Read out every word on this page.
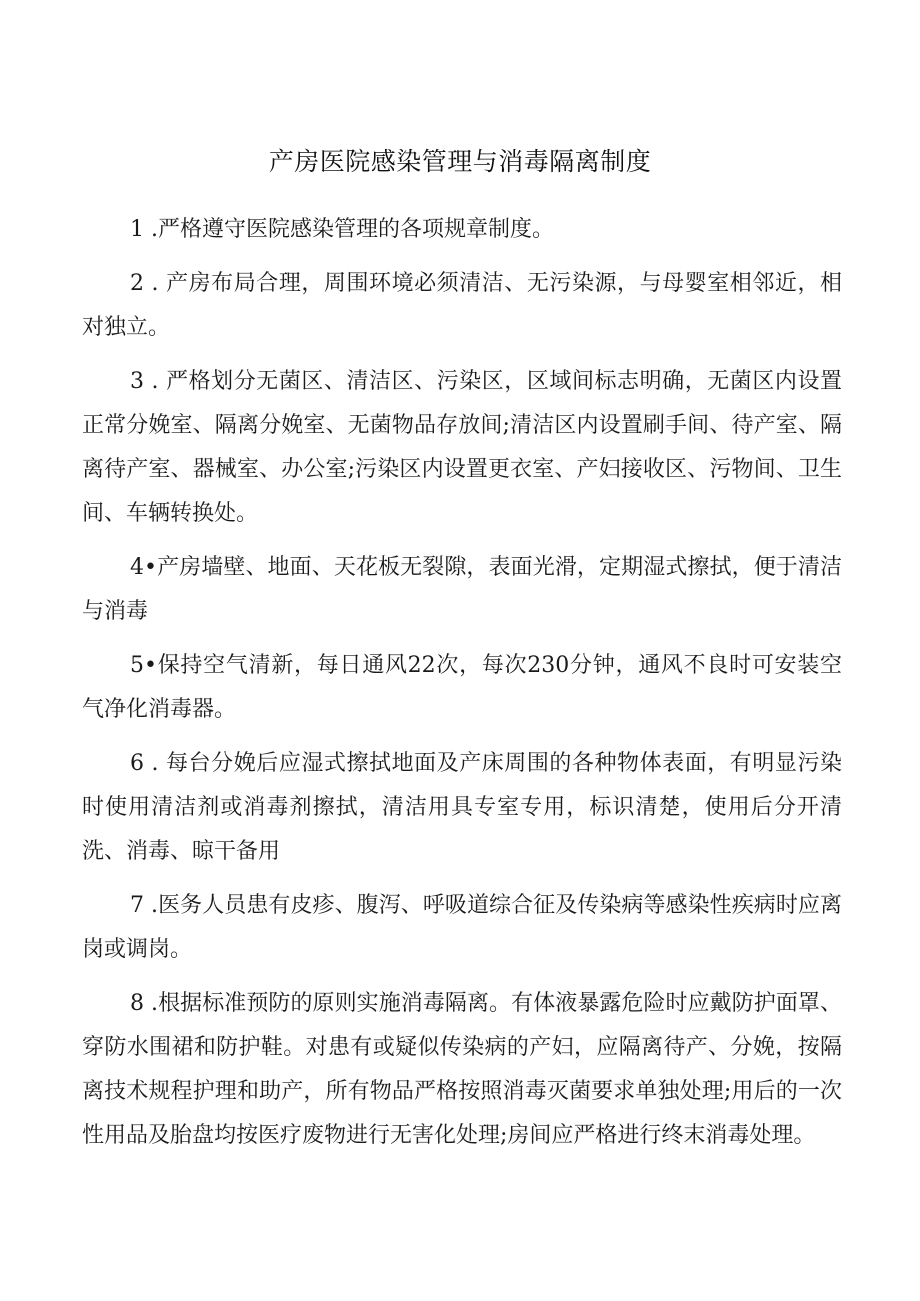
产房医院感染管理与消毒隔离制度

1 .严格遵守医院感染管理的各项规章制度。

2 . 产房布局合理，周围环境必须清洁、无污染源，与母婴室相邻近，相对独立。

3 . 严格划分无菌区、清洁区、污染区，区域间标志明确，无菌区内设置正常分娩室、隔离分娩室、无菌物品存放间;清洁区内设置刷手间、待产室、隔离待产室、器械室、办公室;污染区内设置更衣室、产妇接收区、污物间、卫生间、车辆转换处。

4•产房墙壁、地面、天花板无裂隙，表面光滑，定期湿式擦拭，便于清洁与消毒

5•保持空气清新，每日通风22次，每次230分钟，通风不良时可安装空气净化消毒器。

6 . 每台分娩后应湿式擦拭地面及产床周围的各种物体表面，有明显污染时使用清洁剂或消毒剂擦拭，清洁用具专室专用，标识清楚，使用后分开清洗、消毒、晾干备用

7 .医务人员患有皮疹、腹泻、呼吸道综合征及传染病等感染性疾病时应离岗或调岗。

8 .根据标准预防的原则实施消毒隔离。有体液暴露危险时应戴防护面罩、穿防水围裙和防护鞋。对患有或疑似传染病的产妇，应隔离待产、分娩，按隔离技术规程护理和助产，所有物品严格按照消毒灭菌要求单独处理;用后的一次性用品及胎盘均按医疗废物进行无害化处理;房间应严格进行终末消毒处理。
